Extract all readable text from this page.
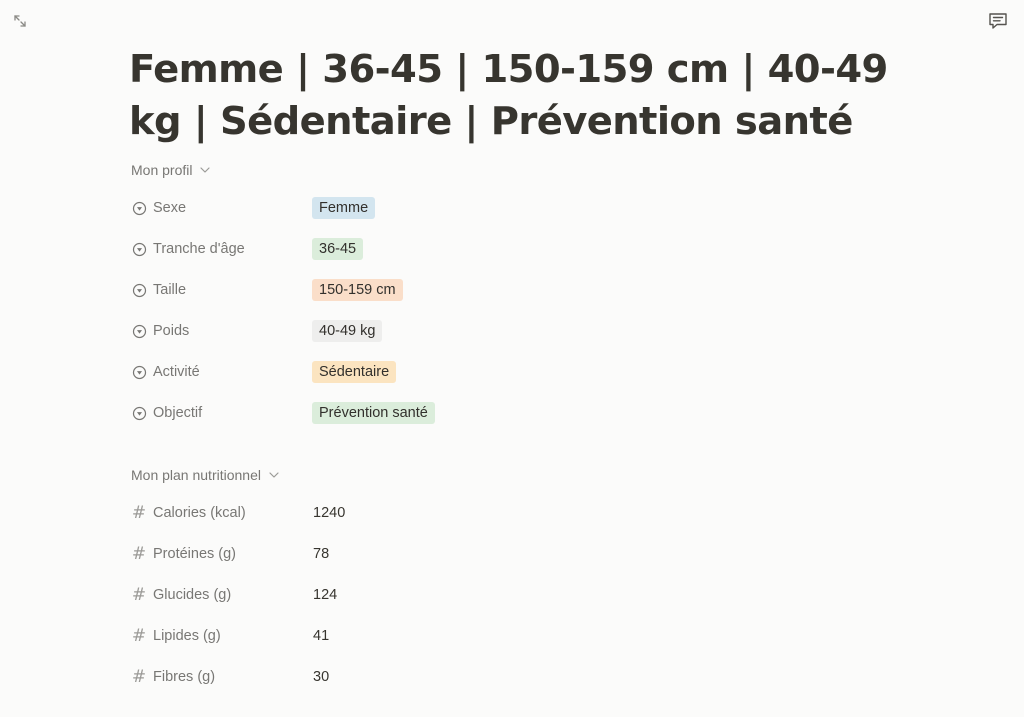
Femme | 36-45 | 150-159 cm | 40-49 kg | Sédentaire | Prévention santé
Mon profil
Sexe	Femme
Tranche d'âge	36-45
Taille	150-159 cm
Poids	40-49 kg
Activité	Sédentaire
Objectif	Prévention santé
Mon plan nutritionnel
# Calories (kcal)	1240
# Protéines (g)	78
# Glucides (g)	124
# Lipides (g)	41
# Fibres (g)	30
